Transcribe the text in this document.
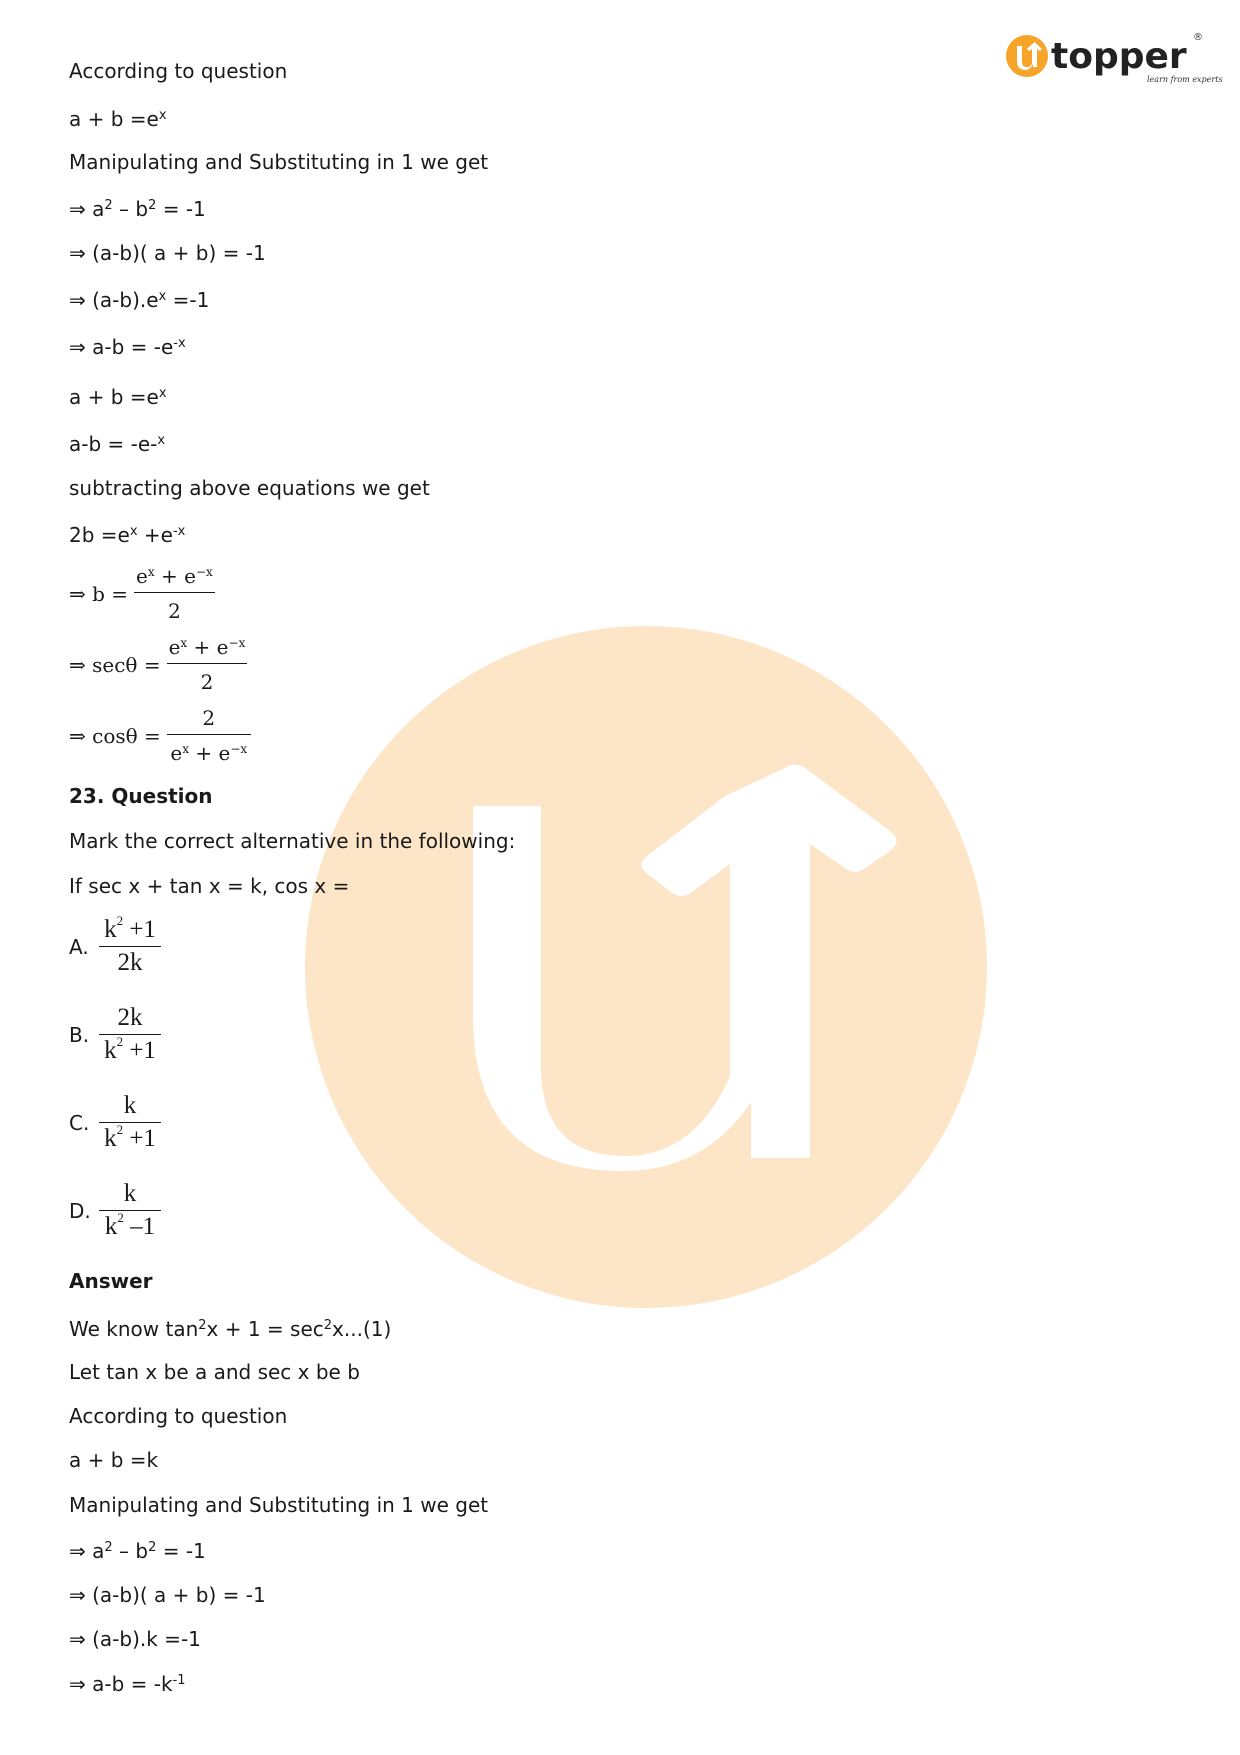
topper
learn from experts
®
According to question
$a + b =e^x$
Manipulating and Substituting in 1 we get
⇒ $a^2 - b^2 = -1$
⇒ (a-b)( a + b) = -1
⇒ $(a-b).e^x =-1$
⇒ $a-b = -e^{-x}$
$a + b =e^x$
a-b = -e-$^x$
subtracting above equations we get
$2b =e^x +e^{-x}$
⇒ $b = \frac{e^x + e^{-x}}{2}$
⇒ $\sec\theta = \frac{e^x + e^{-x}}{2}$
⇒ $\cos\theta = \frac{2}{e^x + e^{-x}}$
23. Question
Mark the correct alternative in the following:
If sec x + tan x = k, cos x =
A. $\frac{k^2 +1}{2k}$
B. $\frac{2k}{k^2 +1}$
C. $\frac{k}{k^2 +1}$
D. $\frac{k}{k^2 -1}$
Answer
We know $\tan^2x + 1 = \sec^2x...(1)$
Let tan x be a and sec x be b
According to question
a + b =k
Manipulating and Substituting in 1 we get
⇒ $a^2 - b^2 = -1$
⇒ (a-b)( a + b) = -1
⇒ (a-b).k =-1
⇒ $a-b = -k^{-1}$
